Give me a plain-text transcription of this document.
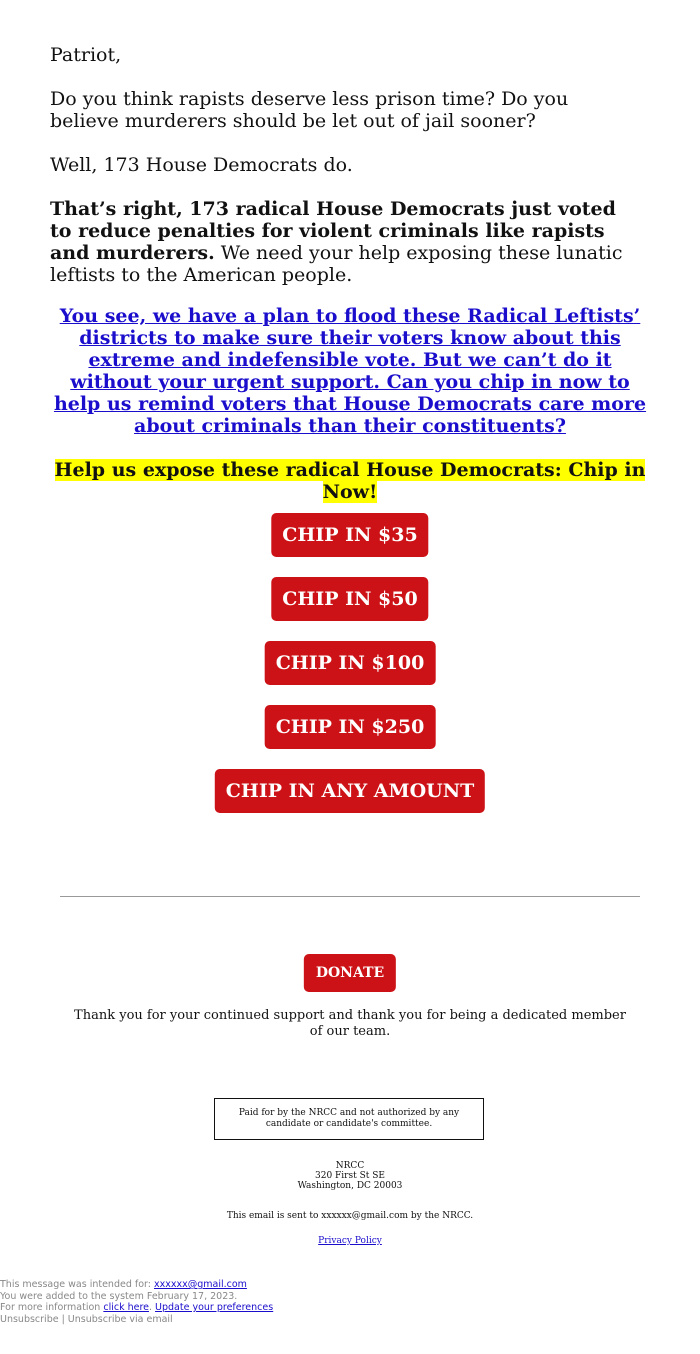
Patriot,

Do you think rapists deserve less prison time? Do you believe murderers should be let out of jail sooner?

Well, 173 House Democrats do.

That’s right, 173 radical House Democrats just voted to reduce penalties for violent criminals like rapists and murderers. We need your help exposing these lunatic leftists to the American people.

You see, we have a plan to flood these Radical Leftists’ districts to make sure their voters know about this extreme and indefensible vote. But we can’t do it without your urgent support. Can you chip in now to help us remind voters that House Democrats care more about criminals than their constituents?

Help us expose these radical House Democrats: Chip in Now!

CHIP IN $35
CHIP IN $50
CHIP IN $100
CHIP IN $250
CHIP IN ANY AMOUNT
DONATE

Thank you for your continued support and thank you for being a dedicated member of our team.

Paid for by the NRCC and not authorized by any candidate or candidate's committee.
NRCC
320 First St SE
Washington, DC 20003

This email is sent to xxxxxx@gmail.com by the NRCC.

Privacy Policy

This message was intended for: xxxxxx@gmail.com
You were added to the system February 17, 2023.
For more information click here. Update your preferences
Unsubscribe | Unsubscribe via email
